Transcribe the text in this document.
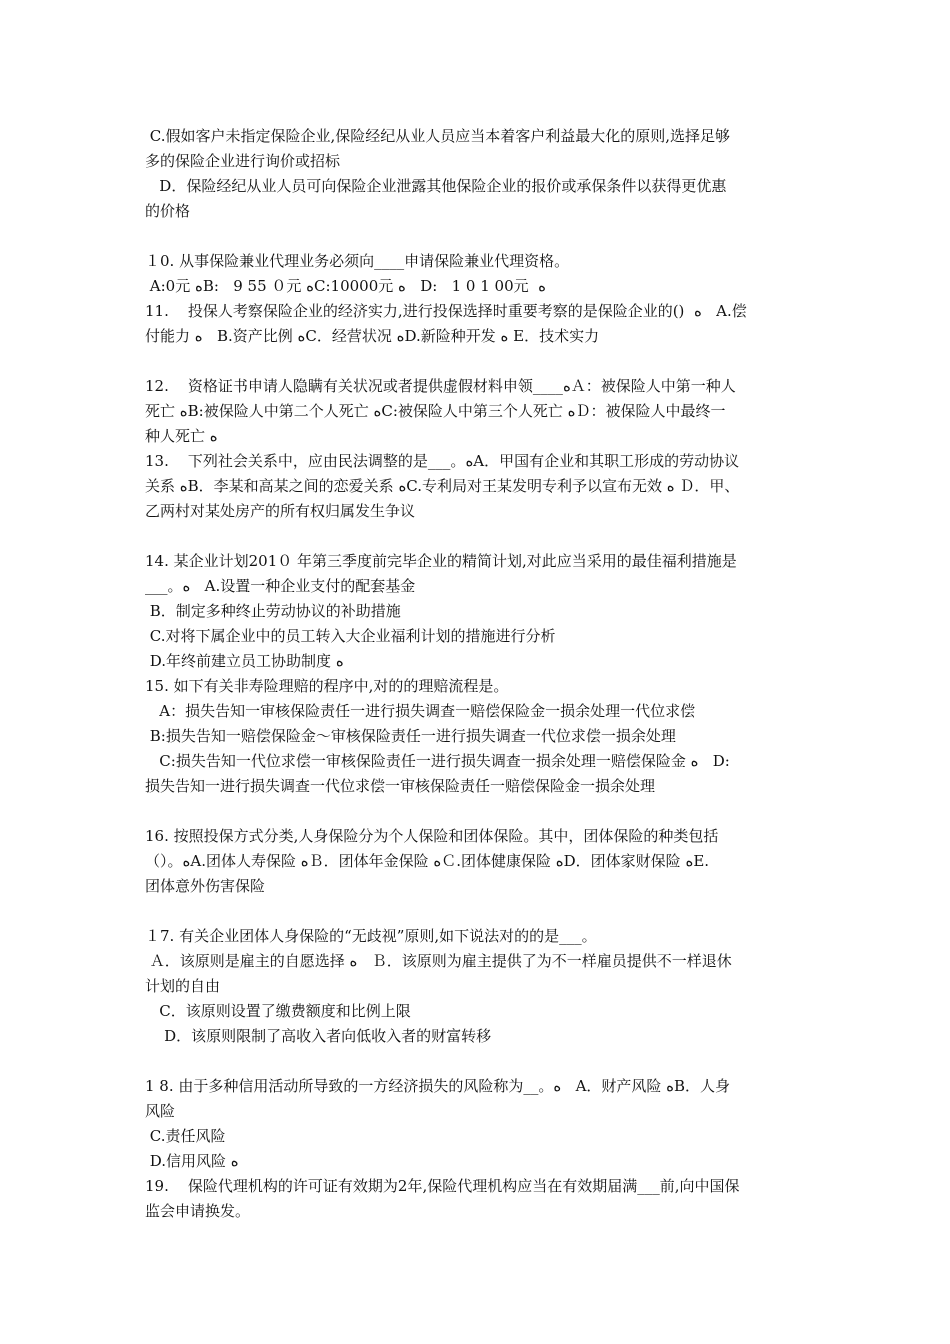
C.假如客户未指定保险企业,保险经纪从业人员应当本着客户利益最大化的原则,选择足够
多的保险企业进行询价或招标
D．保险经纪从业人员可向保险企业泄露其他保险企业的报价或承保条件以获得更优惠
的价格
１0. 从事保险兼业代理业务必须向____申请保险兼业代理资格。
A:0元 ﻩB:   9 55 ０元 ﻩC:10000元 ﻩ   D:   1 0 1 00元  ﻩ
11.    投保人考察保险企业的经济实力,进行投保选择时重要考察的是保险企业的()  ﻩ   A.偿
付能力 ﻩ   B.资产比例 ﻩC．经营状况 ﻩD.新险种开发 ﻩ E．技术实力
12.    资格证书申请人隐瞒有关状况或者提供虚假材料申领____ﻩＡ：被保险人中第一种人
死亡 ﻩB:被保险人中第二个人死亡 ﻩC:被保险人中第三个人死亡 ﻩＤ：被保险人中最终一
种人死亡 ﻩ
13.    下列社会关系中，应由民法调整的是___。ﻩA．甲国有企业和其职工形成的劳动协议
关系 ﻩB．李某和高某之间的恋爱关系 ﻩC.专利局对王某发明专利予以宣布无效 ﻩ Ｄ．甲、
乙两村对某处房产的所有权归属发生争议
14. 某企业计划201０ 年第三季度前完毕企业的精简计划,对此应当采用的最佳福利措施是
___。ﻩ   A.设置一种企业支付的配套基金
B．制定多种终止劳动协议的补助措施
C.对将下属企业中的员工转入大企业福利计划的措施进行分析
D.年终前建立员工协助制度 ﻩ
15. 如下有关非寿险理赔的程序中,对的的理赔流程是。
A：损失告知一审核保险责任一进行损失调查一赔偿保险金一损余处理一代位求偿
B:损失告知一赔偿保险金～审核保险责任一进行损失调查一代位求偿一损余处理
C:损失告知一代位求偿一审核保险责任一进行损失调查一损余处理一赔偿保险金 ﻩ   D:
损失告知一进行损失调查一代位求偿一审核保险责任一赔偿保险金一损余处理
16. 按照投保方式分类,人身保险分为个人保险和团体保险。其中，团体保险的种类包括
（）。ﻩA.团体人寿保险 ﻩＢ．团体年金保险 ﻩＣ.团体健康保险 ﻩD．团体家财保险 ﻩE.
团体意外伤害保险
１7. 有关企业团体人身保险的“无歧视”原则,如下说法对的的是___。
Ａ．该原则是雇主的自愿选择 ﻩ   Ｂ．该原则为雇主提供了为不一样雇员提供不一样退休
计划的自由
C．该原则设置了缴费额度和比例上限
D．该原则限制了高收入者向低收入者的财富转移
1 8. 由于多种信用活动所导致的一方经济损失的风险称为__。ﻩ   A．财产风险 ﻩB．人身
风险
C.责任风险
D.信用风险 ﻩ
19.    保险代理机构的许可证有效期为2年,保险代理机构应当在有效期届满___前,向中国保
监会申请换发。
